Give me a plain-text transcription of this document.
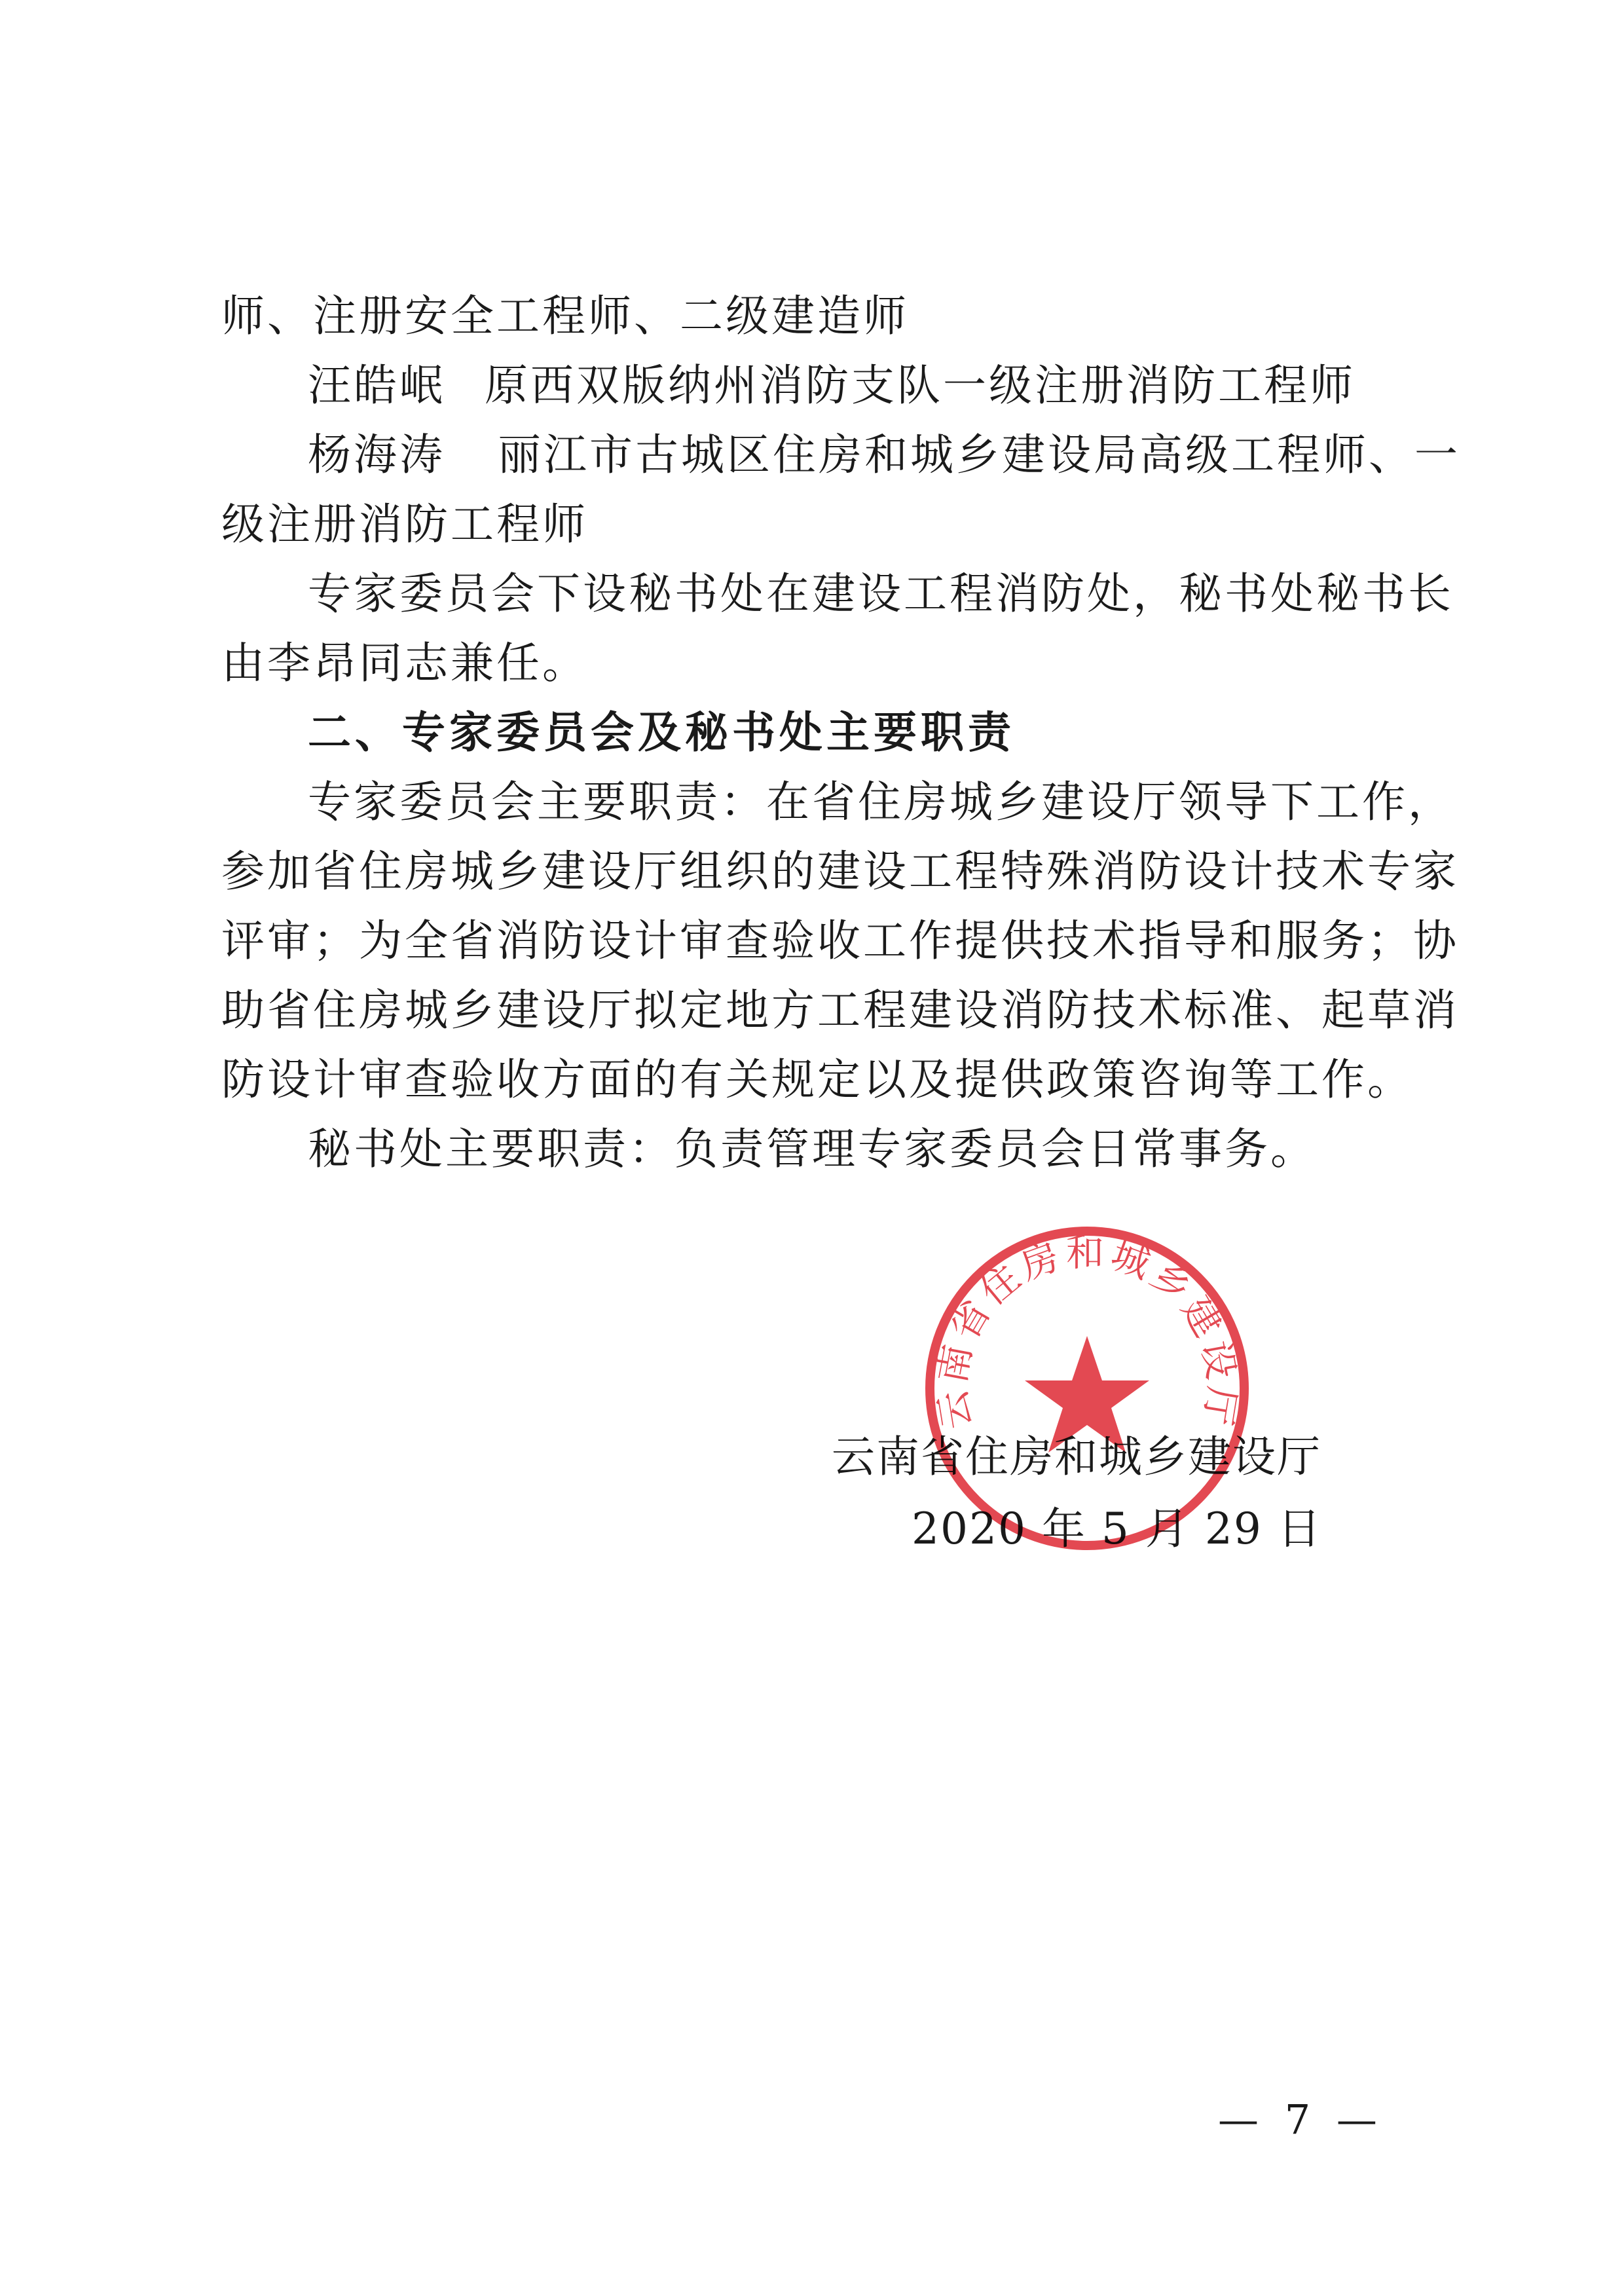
师、注册安全工程师、二级建造师
汪皓岷 原西双版纳州消防支队一级注册消防工程师
杨海涛 丽江市古城区住房和城乡建设局高级工程师、一
级注册消防工程师
专家委员会下设秘书处在建设工程消防处，秘书处秘书长
由李昂同志兼任。
二、专家委员会及秘书处主要职责
专家委员会主要职责：在省住房城乡建设厅领导下工作，
参加省住房城乡建设厅组织的建设工程特殊消防设计技术专家
评审；为全省消防设计审查验收工作提供技术指导和服务；协
助省住房城乡建设厅拟定地方工程建设消防技术标准、起草消
防设计审查验收方面的有关规定以及提供政策咨询等工作。
秘书处主要职责：负责管理专家委员会日常事务。
云南省住房和城乡建设厅
云南省住房和城乡建设厅
2020 年 5 月 29 日
— 7 —
